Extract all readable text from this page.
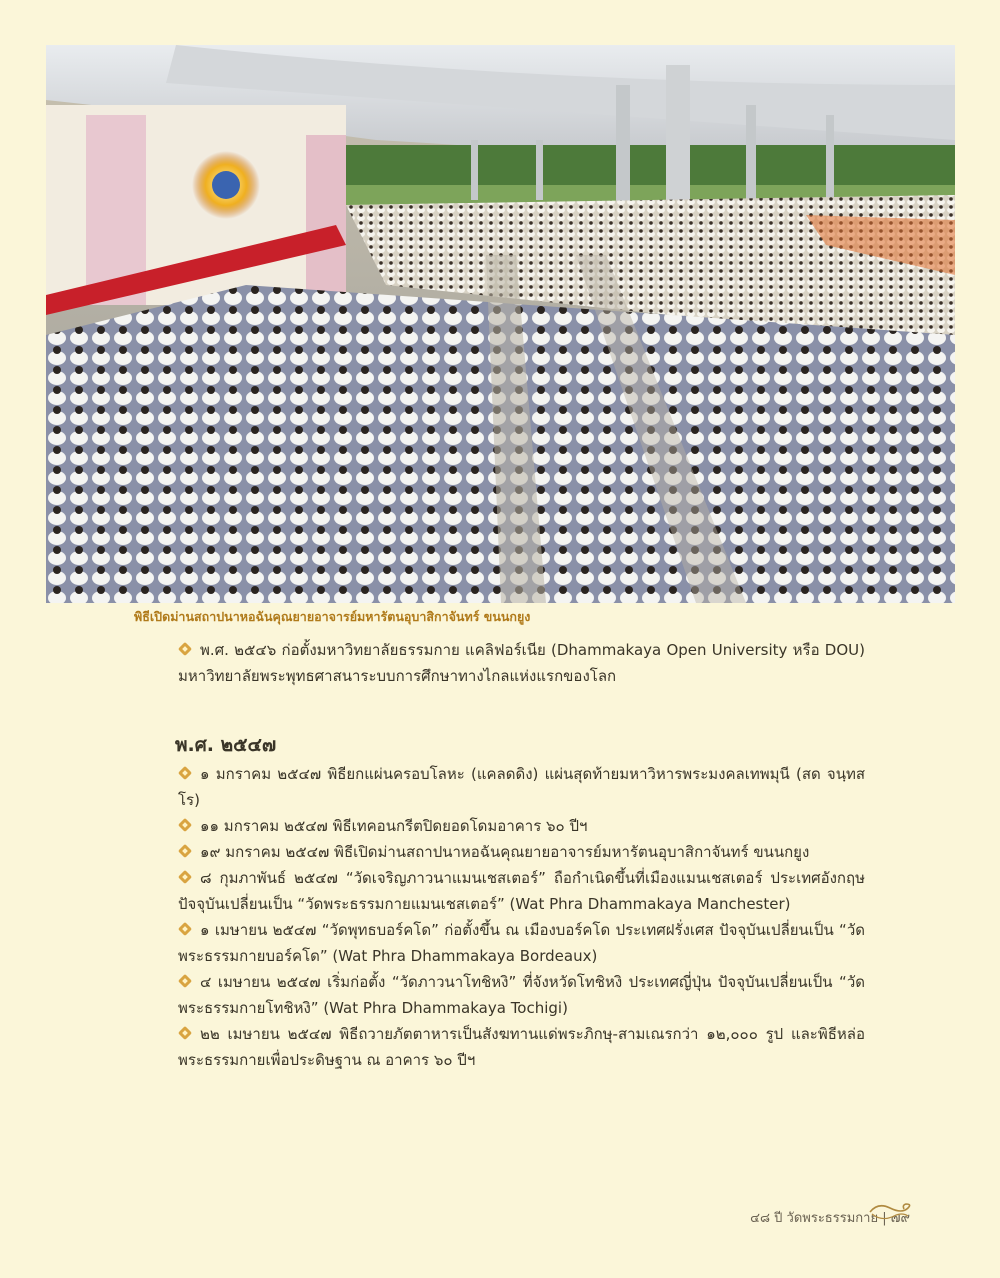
พิธีเปิดม่านสถาปนาหอฉันคุณยายอาจารย์มหารัตนอุบาสิกาจันทร์ ขนนกยูง

พ.ศ. ๒๕๔๖ ก่อตั้งมหาวิทยาลัยธรรมกาย แคลิฟอร์เนีย (Dhammakaya Open University หรือ DOU) มหาวิทยาลัยพระพุทธศาสนาระบบการศึกษาทางไกลแห่งแรกของโลก

พ.ศ. ๒๕๔๗

๑ มกราคม ๒๕๔๗ พิธียกแผ่นครอบโลหะ (แคลดดิง) แผ่นสุดท้ายมหาวิหารพระมงคลเทพมุนี (สด จนฺทสโร)

๑๑ มกราคม ๒๕๔๗ พิธีเทคอนกรีตปิดยอดโดมอาคาร ๖๐ ปีฯ

๑๙ มกราคม ๒๕๔๗ พิธีเปิดม่านสถาปนาหอฉันคุณยายอาจารย์มหารัตนอุบาสิกาจันทร์ ขนนกยูง

๘ กุมภาพันธ์ ๒๕๔๗ “วัดเจริญภาวนาแมนเชสเตอร์” ถือกำเนิดขึ้นที่เมืองแมนเชสเตอร์ ประเทศอังกฤษ ปัจจุบันเปลี่ยนเป็น “วัดพระธรรมกายแมนเชสเตอร์” (Wat Phra Dhammakaya Manchester)

๑ เมษายน ๒๕๔๗ “วัดพุทธบอร์คโด” ก่อตั้งขึ้น ณ เมืองบอร์คโด ประเทศฝรั่งเศส ปัจจุบันเปลี่ยนเป็น “วัดพระธรรมกายบอร์คโด” (Wat Phra Dhammakaya Bordeaux)

๔ เมษายน ๒๕๔๗ เริ่มก่อตั้ง “วัดภาวนาโทชิหงิ” ที่จังหวัดโทชิหงิ ประเทศญี่ปุ่น ปัจจุบันเปลี่ยนเป็น “วัดพระธรรมกายโทชิหงิ” (Wat Phra Dhammakaya Tochigi)

๒๒ เมษายน ๒๕๔๗ พิธีถวายภัตตาหารเป็นสังฆทานแด่พระภิกษุ-สามเณรกว่า ๑๒,๐๐๐ รูป และพิธีหล่อพระธรรมกายเพื่อประดิษฐาน ณ อาคาร ๖๐ ปีฯ

๔๘ ปี วัดพระธรรมกาย | ๗๙
